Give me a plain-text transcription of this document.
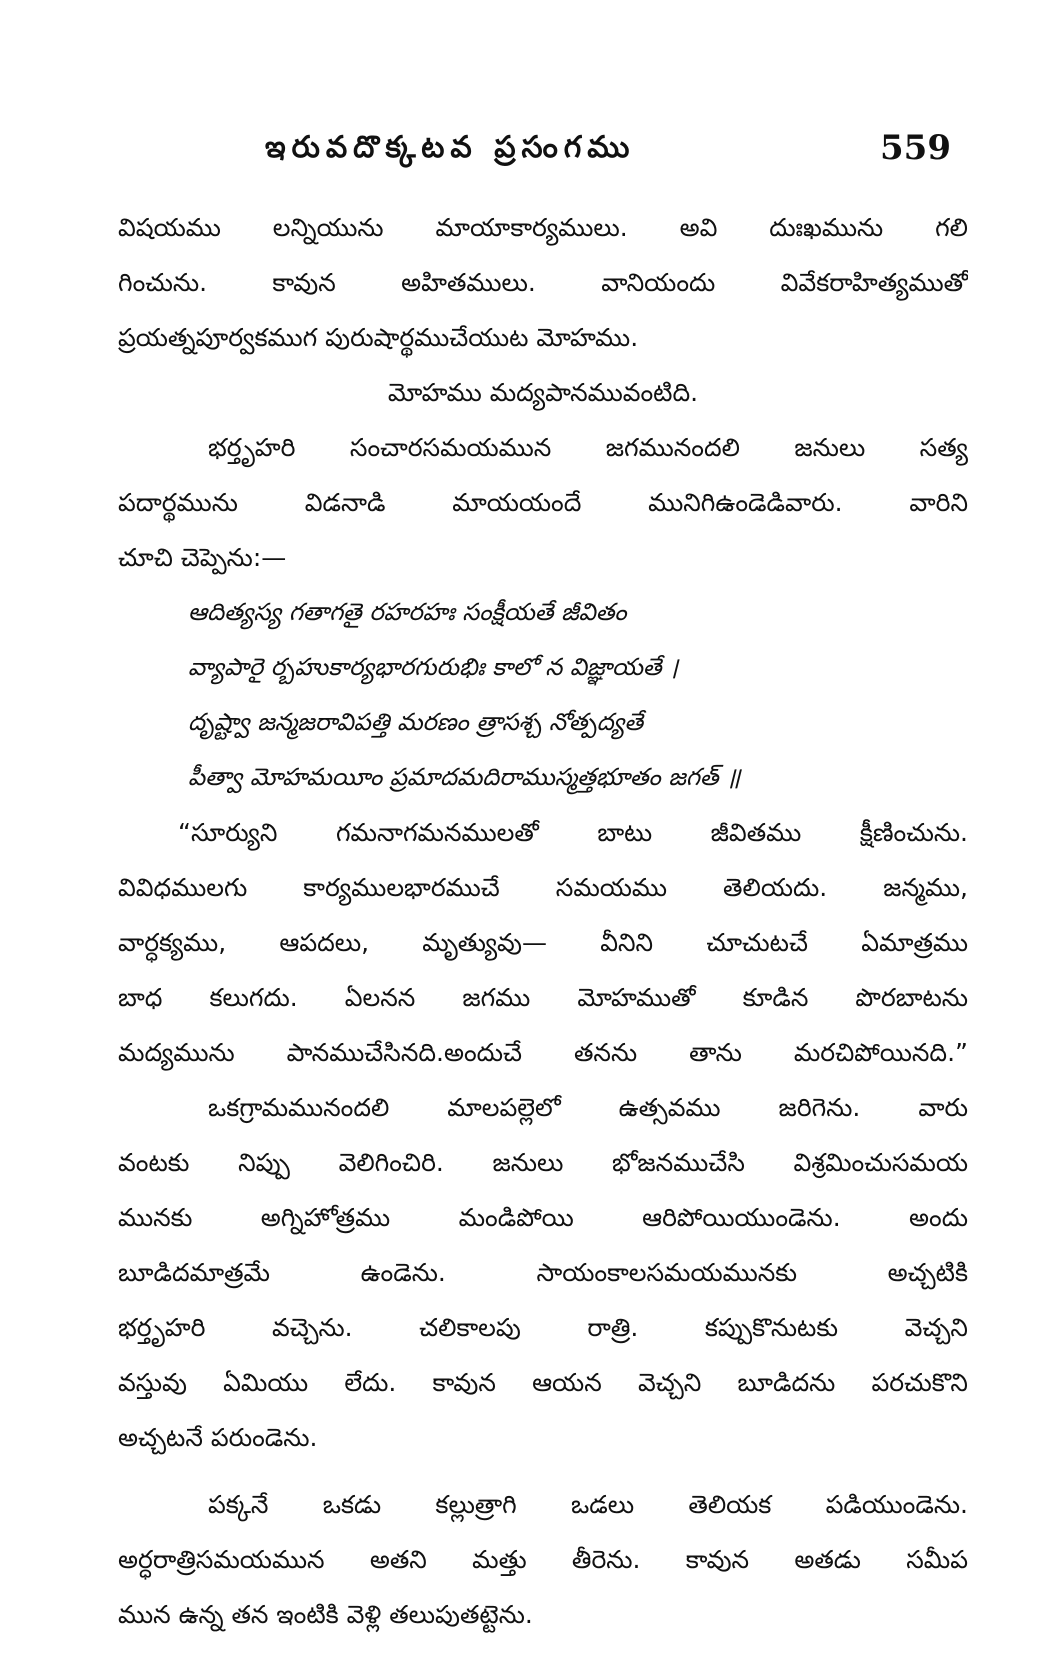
ఇరువదొక్కటవ ప్రసంగము	559
విషయము లన్నియును మాయాకార్యములు. అవి దుఃఖమును గలి
గించును. కావున అహితములు. వానియందు వివేకరాహిత్యముతో
ప్రయత్నపూర్వకముగ పురుషార్థముచేయుట మోహము.
మోహము మద్యపానమువంటిది.
భర్తృహరి సంచారసమయమున జగమునందలి జనులు సత్య
పదార్థమును విడనాడి మాయయందే మునిగిఉండెడివారు. వారిని
చూచి చెప్పెను:—
ఆదిత్యస్య గతాగతై రహరహః సంక్షీయతే జీవితం
వ్యాపారై ర్బహుకార్యభారగురుభిః కాలో న విజ్ఞాయతే ।
దృష్ట్వా జన్మజరావిపత్తి మరణం త్రాసశ్చ నోత్పద్యతే
పీత్వా మోహమయీం ప్రమాదమదిరాముస్మత్తభూతం జగత్ ॥
“సూర్యుని గమనాగమనములతో బాటు జీవితము క్షీణించును.
వివిధములగు కార్యములభారముచే సమయము తెలియదు. జన్మము,
వార్ధక్యము, ఆపదలు, మృత్యువు— వీనిని చూచుటచే ఏమాత్రము
బాధ కలుగదు. ఏలనన జగము మోహముతో కూడిన పొరబాటను
మద్యమును పానముచేసినది.అందుచే తనను తాను మరచిపోయినది.”
ఒకగ్రామమునందలి మాలపల్లెలో ఉత్సవము జరిగెను. వారు
వంటకు నిప్పు వెలిగించిరి. జనులు భోజనముచేసి విశ్రమించుసమయ
మునకు అగ్నిహోత్రము మండిపోయి ఆరిపోయియుండెను. అందు
బూడిదమాత్రమే ఉండెను. సాయంకాలసమయమునకు అచ్చటికి
భర్తృహరి వచ్చెను. చలికాలపు రాత్రి. కప్పుకొనుటకు వెచ్చని
వస్తువు ఏమియు లేదు. కావున ఆయన వెచ్చని బూడిదను పరచుకొని
అచ్చటనే పరుండెను.
పక్కనే ఒకడు కల్లుత్రాగి ఒడలు తెలియక పడియుండెను.
అర్ధరాత్రిసమయమున అతని మత్తు తీరెను. కావున అతడు సమీప
మున ఉన్న తన ఇంటికి వెళ్లి తలుపుతట్టెను.
